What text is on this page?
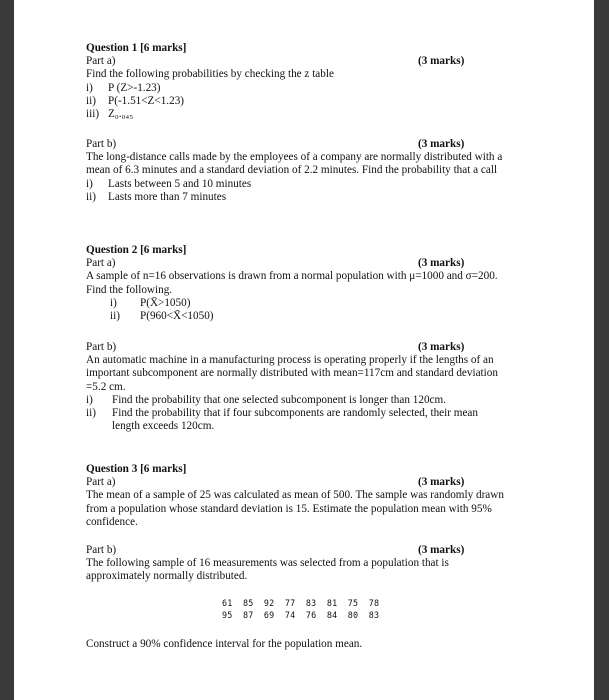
Question 1 [6 marks]
Part a)
Find the following probabilities by checking the z table
i)	P (Z>-1.23)
ii)	P(-1.51<Z<1.23)
iii) Z₀.₀₄₅
(3 marks)
Part b)
The long-distance calls made by the employees of a company are normally distributed with a mean of 6.3 minutes and a standard deviation of 2.2 minutes. Find the probability that a call
i)	Lasts between 5 and 10 minutes
ii)	Lasts more than 7 minutes
(3 marks)
Question 2 [6 marks]
Part a)
A sample of n=16 observations is drawn from a normal population with μ=1000 and σ=200. Find the following.
i)	P(X̄>1050)
ii)	P(960<X̄<1050)
(3 marks)
Part b)
An automatic machine in a manufacturing process is operating properly if the lengths of an important subcomponent are normally distributed with mean=117cm and standard deviation =5.2 cm.
i)	Find the probability that one selected subcomponent is longer than 120cm.
ii)	Find the probability that if four subcomponents are randomly selected, their mean length exceeds 120cm.
(3 marks)
Question 3 [6 marks]
Part a)
The mean of a sample of 25 was calculated as mean of 500. The sample was randomly drawn from a population whose standard deviation is 15. Estimate the population mean with 95% confidence.
(3 marks)
Part b)
The following sample of 16 measurements was selected from a population that is approximately normally distributed.
(3 marks)
61  85  92  77  83  81  75  78
95  87  69  74  76  84  80  83
Construct a 90% confidence interval for the population mean.
